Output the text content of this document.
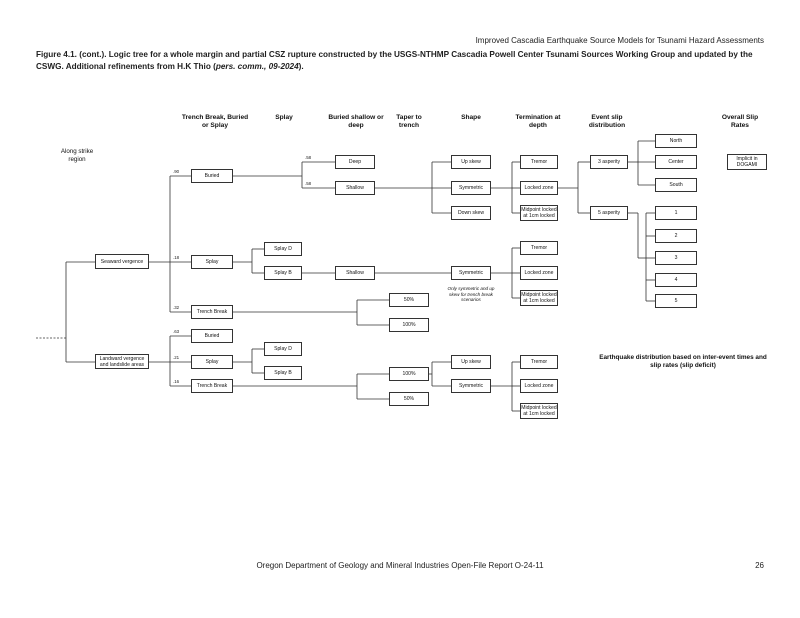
Improved Cascadia Earthquake Source Models for Tsunami Hazard Assessments
Figure 4.1. (cont.). Logic tree for a whole margin and partial CSZ rupture constructed by the USGS-NTHMP Cascadia Powell Center Tsunami Sources Working Group and updated by the CSWG. Additional refinements from H.K Thio (pers. comm., 09-2024).
Trench Break, Buried or Splay
Splay	Buried shallow or deep
Taper to trench
Shape	Termination at depth
Event slip distribution
Overall Slip Rates
Along strike region
Seaward vergence
Landward vergence and landslide areas
Buried
Splay
Trench Break
Buried
Splay
Trench Break
.90
.18
.32
.63
.21
.16
.58
.58
Splay D
Splay B
Splay D
Splay B
Deep
Shallow
Shallow
50%
100%
100%
50%
Up skew
Symmetric
Down skew
Symmetric
Only symmetric and up skew for trench break scenarios
Up skew
Symmetric
Tremor
Locked zone
Midpoint locked at 1cm locked
Tremor
Locked zone
Midpoint locked at 1cm locked
Tremor
Locked zone
Midpoint locked at 1cm locked
3 asperity
5 asperity
North
Center
South
1
2
3
4
5
Implicit in DOGAMI
Earthquake distribution based on inter-event times and slip rates (slip deficit)
Oregon Department of Geology and Mineral Industries Open-File Report O-24-11	26
